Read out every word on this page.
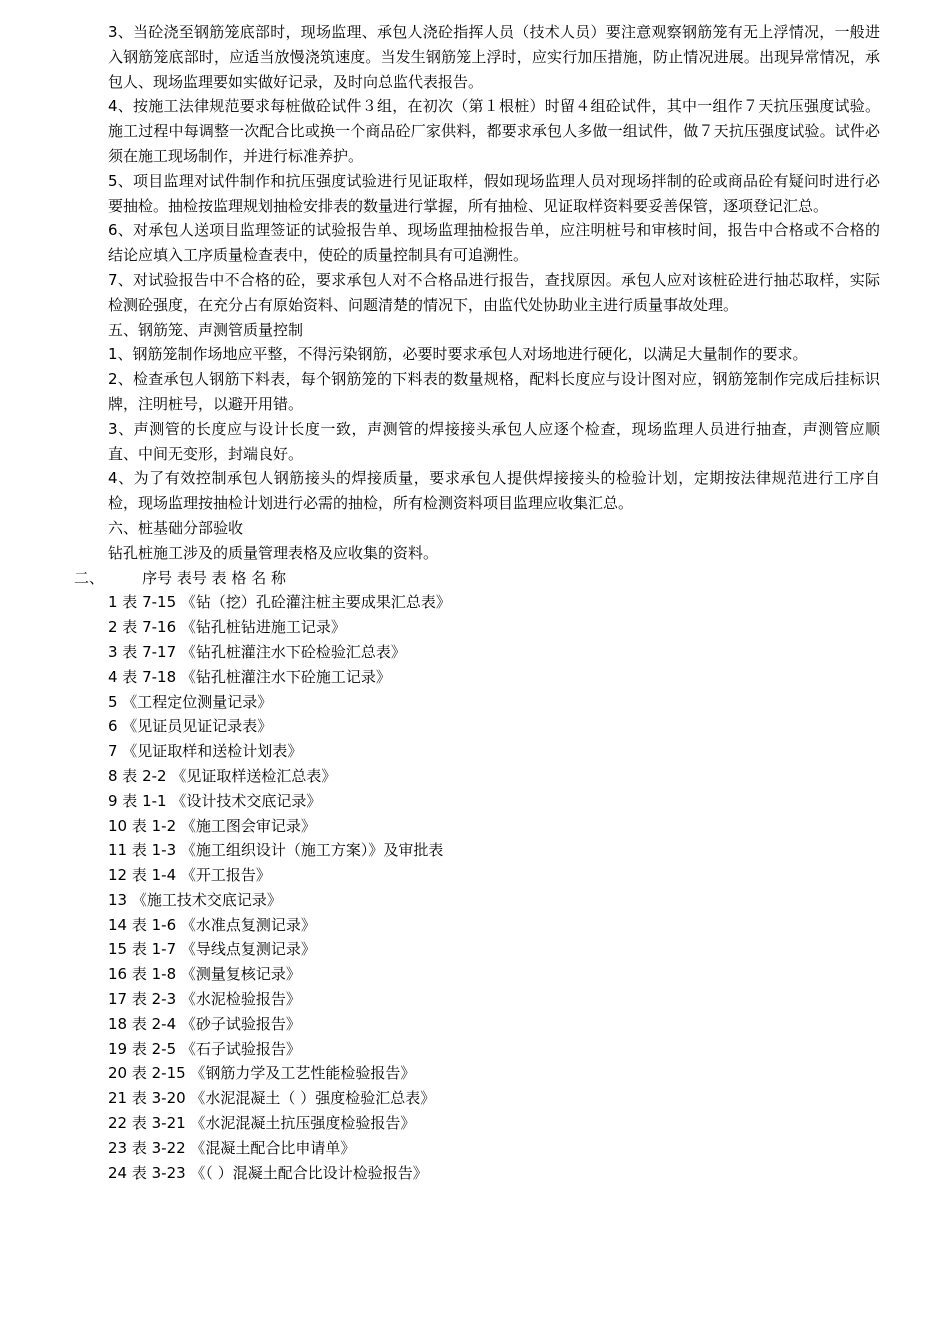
3、当砼浇至钢筋笼底部时，现场监理、承包人浇砼指挥人员（技术人员）要注意观察钢筋笼有无上浮情况，一般进入钢筋笼底部时，应适当放慢浇筑速度。当发生钢筋笼上浮时，应实行加压措施，防止情况进展。出现异常情况，承包人、现场监理要如实做好记录，及时向总监代表报告。

4、按施工法律规范要求每桩做砼试件３组，在初次（第１根桩）时留４组砼试件，其中一组作７天抗压强度试验。施工过程中每调整一次配合比或换一个商品砼厂家供料，都要求承包人多做一组试件，做７天抗压强度试验。试件必须在施工现场制作，并进行标准养护。

5、项目监理对试件制作和抗压强度试验进行见证取样，假如现场监理人员对现场拌制的砼或商品砼有疑问时进行必要抽检。抽检按监理规划抽检安排表的数量进行掌握，所有抽检、见证取样资料要妥善保管，逐项登记汇总。

6、对承包人送项目监理签证的试验报告单、现场监理抽检报告单，应注明桩号和审核时间，报告中合格或不合格的结论应填入工序质量检查表中，使砼的质量控制具有可追溯性。

7、对试验报告中不合格的砼，要求承包人对不合格品进行报告，查找原因。承包人应对该桩砼进行抽芯取样，实际检测砼强度，在充分占有原始资料、问题清楚的情况下，由监代处协助业主进行质量事故处理。

五、钢筋笼、声测管质量控制

1、钢筋笼制作场地应平整，不得污染钢筋，必要时要求承包人对场地进行硬化，以满足大量制作的要求。

2、检查承包人钢筋下料表，每个钢筋笼的下料表的数量规格，配料长度应与设计图对应，钢筋笼制作完成后挂标识牌，注明桩号，以避开用错。

3、声测管的长度应与设计长度一致，声测管的焊接接头承包人应逐个检查，现场监理人员进行抽查，声测管应顺直、中间无变形，封端良好。

4、为了有效控制承包人钢筋接头的焊接质量，要求承包人提供焊接接头的检验计划，定期按法律规范进行工序自检，现场监理按抽检计划进行必需的抽检，所有检测资料项目监理应收集汇总。

六、桩基础分部验收

钻孔桩施工涉及的质量管理表格及应收集的资料。

二、        序号 表号 表 格 名 称

1 表 7-15 《钻（挖）孔砼灌注桩主要成果汇总表》
2 表 7-16 《钻孔桩钻进施工记录》
3 表 7-17 《钻孔桩灌注水下砼检验汇总表》
4 表 7-18 《钻孔桩灌注水下砼施工记录》
5 《工程定位测量记录》
6 《见证员见证记录表》
7 《见证取样和送检计划表》
8 表 2-2 《见证取样送检汇总表》
9 表 1-1 《设计技术交底记录》
10 表 1-2 《施工图会审记录》
11 表 1-3 《施工组织设计（施工方案）》及审批表
12 表 1-4 《开工报告》
13 《施工技术交底记录》
14 表 1-6 《水准点复测记录》
15 表 1-7 《导线点复测记录》
16 表 1-8 《测量复核记录》
17 表 2-3 《水泥检验报告》
18 表 2-4 《砂子试验报告》
19 表 2-5 《石子试验报告》
20 表 2-15 《钢筋力学及工艺性能检验报告》
21 表 3-20 《水泥混凝土（ ）强度检验汇总表》
22 表 3-21 《水泥混凝土抗压强度检验报告》
23 表 3-22 《混凝土配合比申请单》
24 表 3-23 《（ ）混凝土配合比设计检验报告》
